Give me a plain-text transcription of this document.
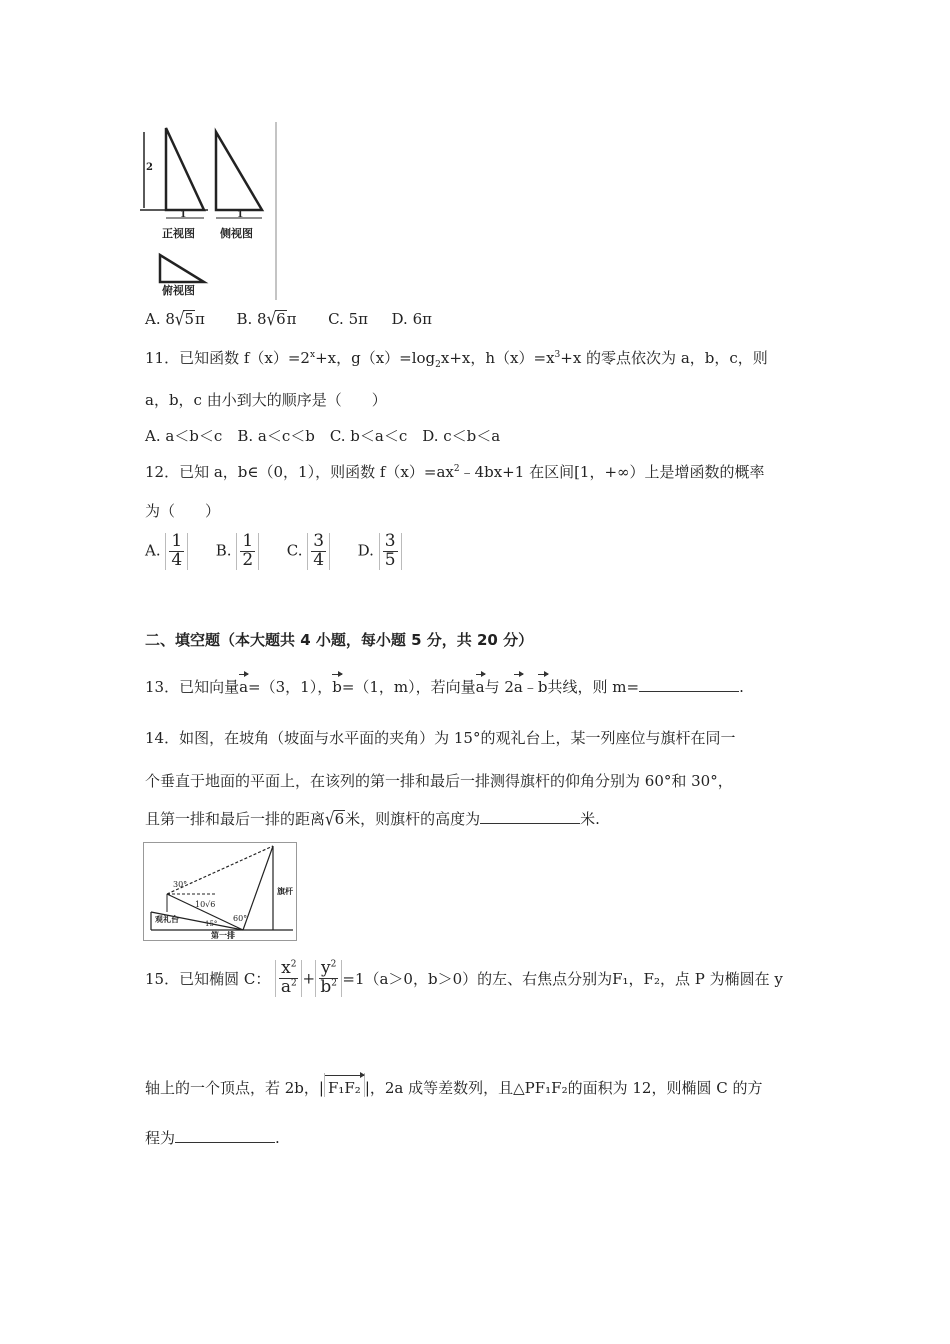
2
1	1
正视图 侧视图
俯视图
A. 8√5π B. 8√6π C. 5π D. 6π
11．已知函数 $f(x)=2^x+x$，$g(x)=\log_2x+x$，$h(x)=x^3+x$ 的零点依次为 a，b，c，则
a，b，c 由小到大的顺序是（　　）
A. a＜b＜c　B. a＜c＜b　C. b＜a＜c　D. c＜b＜a
12．已知 a，b∈（0，1），则函数 $f(x)=ax^2﹣4bx+1$ 在区间[1，+∞）上是增函数的概率
为（　　）
A. $\frac{1}{4} B$. $\frac{1}{2} C$. $\frac{3}{4} D$. $\frac{3}{5}$
二、填空题（本大题共 4 小题，每小题 5 分，共 20 分）
13．已知向量a=（3，1），b=（1，m），若向量a与 2a﹣b共线，则 m=	.
14．如图，在坡角（坡面与水平面的夹角）为 15°的观礼台上，某一列座位与旗杆在同一
个垂直于地面的平面上，在该列的第一排和最后一排测得旗杆的仰角分别为 60°和 30°，
且第一排和最后一排的距离√6米，则旗杆的高度为	米.
30°
10√6
观礼台	15°
60°
旗杆
第一排
15．已知椭圆 C： $\frac{x^2}{a^2} + \frac{y^2}{b^2} =1(a>0$，b＞0）的左、右焦点分别为F₁，F₂，点 P 为椭圆在 y
轴上的一个顶点，若 2b，| F₁F₂ |，2a 成等差数列，且△PF₁F₂的面积为 12，则椭圆 C 的方
程为	.
